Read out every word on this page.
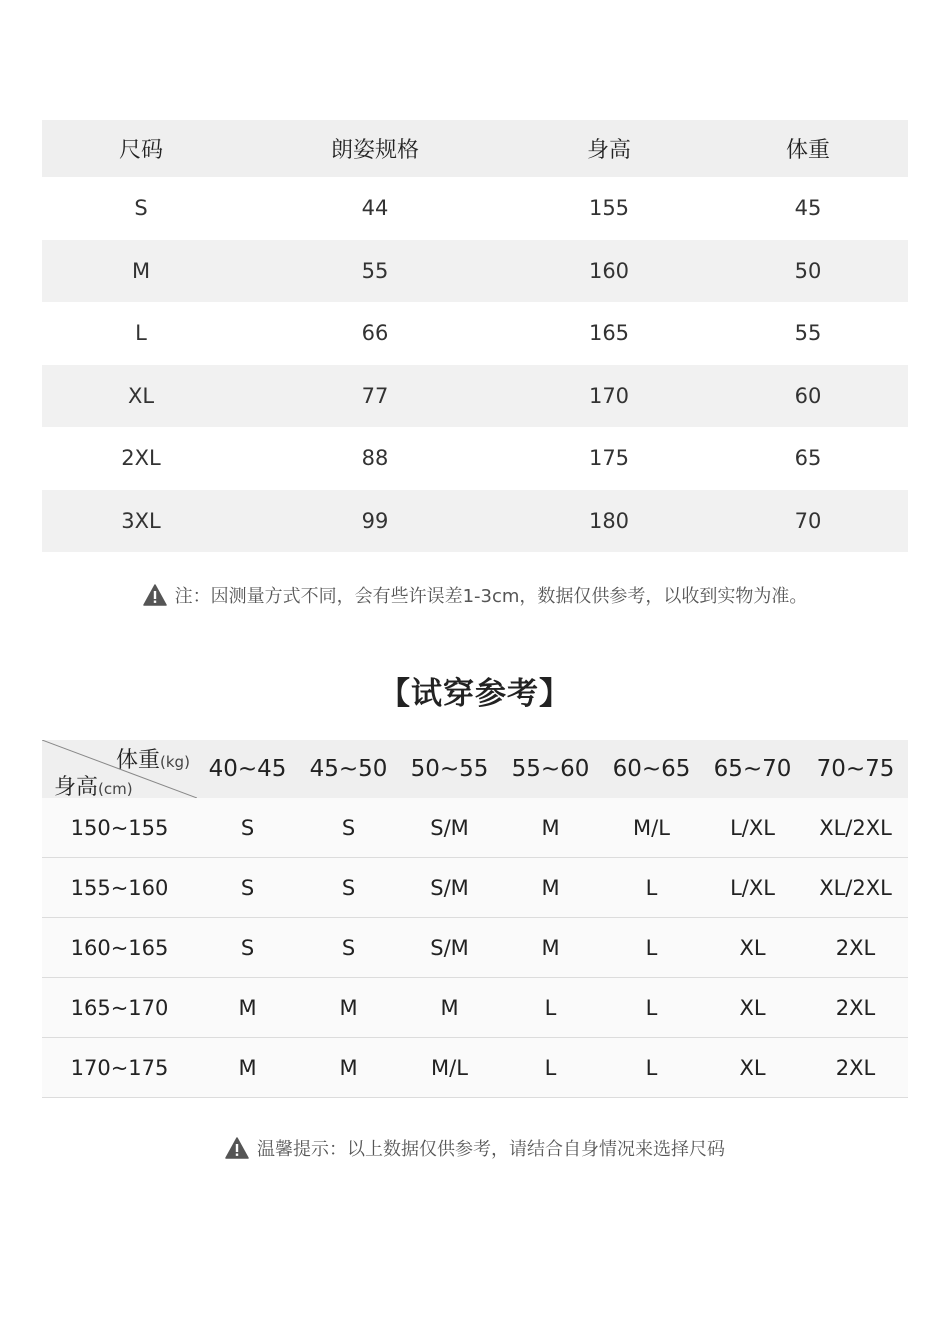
尺码	朗姿规格	身高	体重
S	44	155	45
M	55	160	50
L	66	165	55
XL	77	170	60
2XL	88	175	65
3XL	99	180	70
注：因测量方式不同，会有些许误差1-3cm，数据仅供参考，以收到实物为准。
【试穿参考】
体重(kg)
身高(cm)
40~45	45~50	50~55	55~60	60~65	65~70	70~75
150~155	S	S	S/M	M	M/L	L/XL	XL/2XL
155~160	S	S	S/M	M	L	L/XL	XL/2XL
160~165	S	S	S/M	M	L	XL	2XL
165~170	M	M	M	L	L	XL	2XL
170~175	M	M	M/L	L	L	XL	2XL
温馨提示：以上数据仅供参考，请结合自身情况来选择尺码
